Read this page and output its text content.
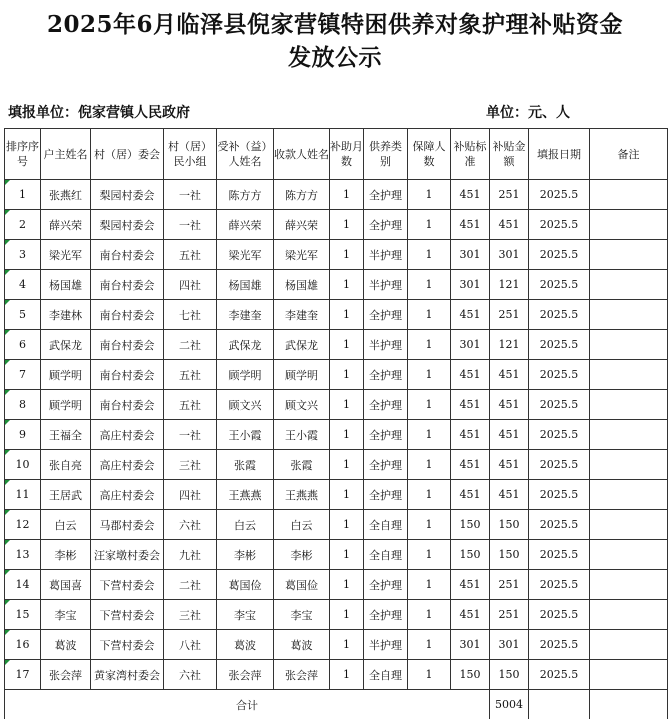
2025年6月临泽县倪家营镇特困供养对象护理补贴资金
发放公示
填报单位：倪家营镇人民政府	单位：元、人
排序序号	户主姓名	村（居）委会	村（居）民小组	受补（益）人姓名	收款人姓名	补助月数	供养类别	保障人数	补贴标准	补贴金额	填报日期	备注
1	张燕红	梨园村委会	一社	陈方方	陈方方	1	全护理	1	451	251	2025.5	
2	薛兴荣	梨园村委会	一社	薛兴荣	薛兴荣	1	全护理	1	451	451	2025.5	
3	梁光军	南台村委会	五社	梁光军	梁光军	1	半护理	1	301	301	2025.5	
4	杨国雄	南台村委会	四社	杨国雄	杨国雄	1	半护理	1	301	121	2025.5	
5	李建林	南台村委会	七社	李建奎	李建奎	1	全护理	1	451	251	2025.5	
6	武保龙	南台村委会	二社	武保龙	武保龙	1	半护理	1	301	121	2025.5	
7	顾学明	南台村委会	五社	顾学明	顾学明	1	全护理	1	451	451	2025.5	
8	顾学明	南台村委会	五社	顾文兴	顾文兴	1	全护理	1	451	451	2025.5	
9	王福全	高庄村委会	一社	王小霞	王小霞	1	全护理	1	451	451	2025.5	
10	张自亮	高庄村委会	三社	张霞	张霞	1	全护理	1	451	451	2025.5	
11	王居武	高庄村委会	四社	王燕燕	王燕燕	1	全护理	1	451	451	2025.5	
12	白云	马郡村委会	六社	白云	白云	1	全自理	1	150	150	2025.5	
13	李彬	汪家墩村委会	九社	李彬	李彬	1	全自理	1	150	150	2025.5	
14	葛国喜	下营村委会	二社	葛国俭	葛国俭	1	全护理	1	451	251	2025.5	
15	李宝	下营村委会	三社	李宝	李宝	1	全护理	1	451	251	2025.5	
16	葛波	下营村委会	八社	葛波	葛波	1	半护理	1	301	301	2025.5	
17	张会萍	黄家湾村委会	六社	张会萍	张会萍	1	全自理	1	150	150	2025.5	
合计										5004		
